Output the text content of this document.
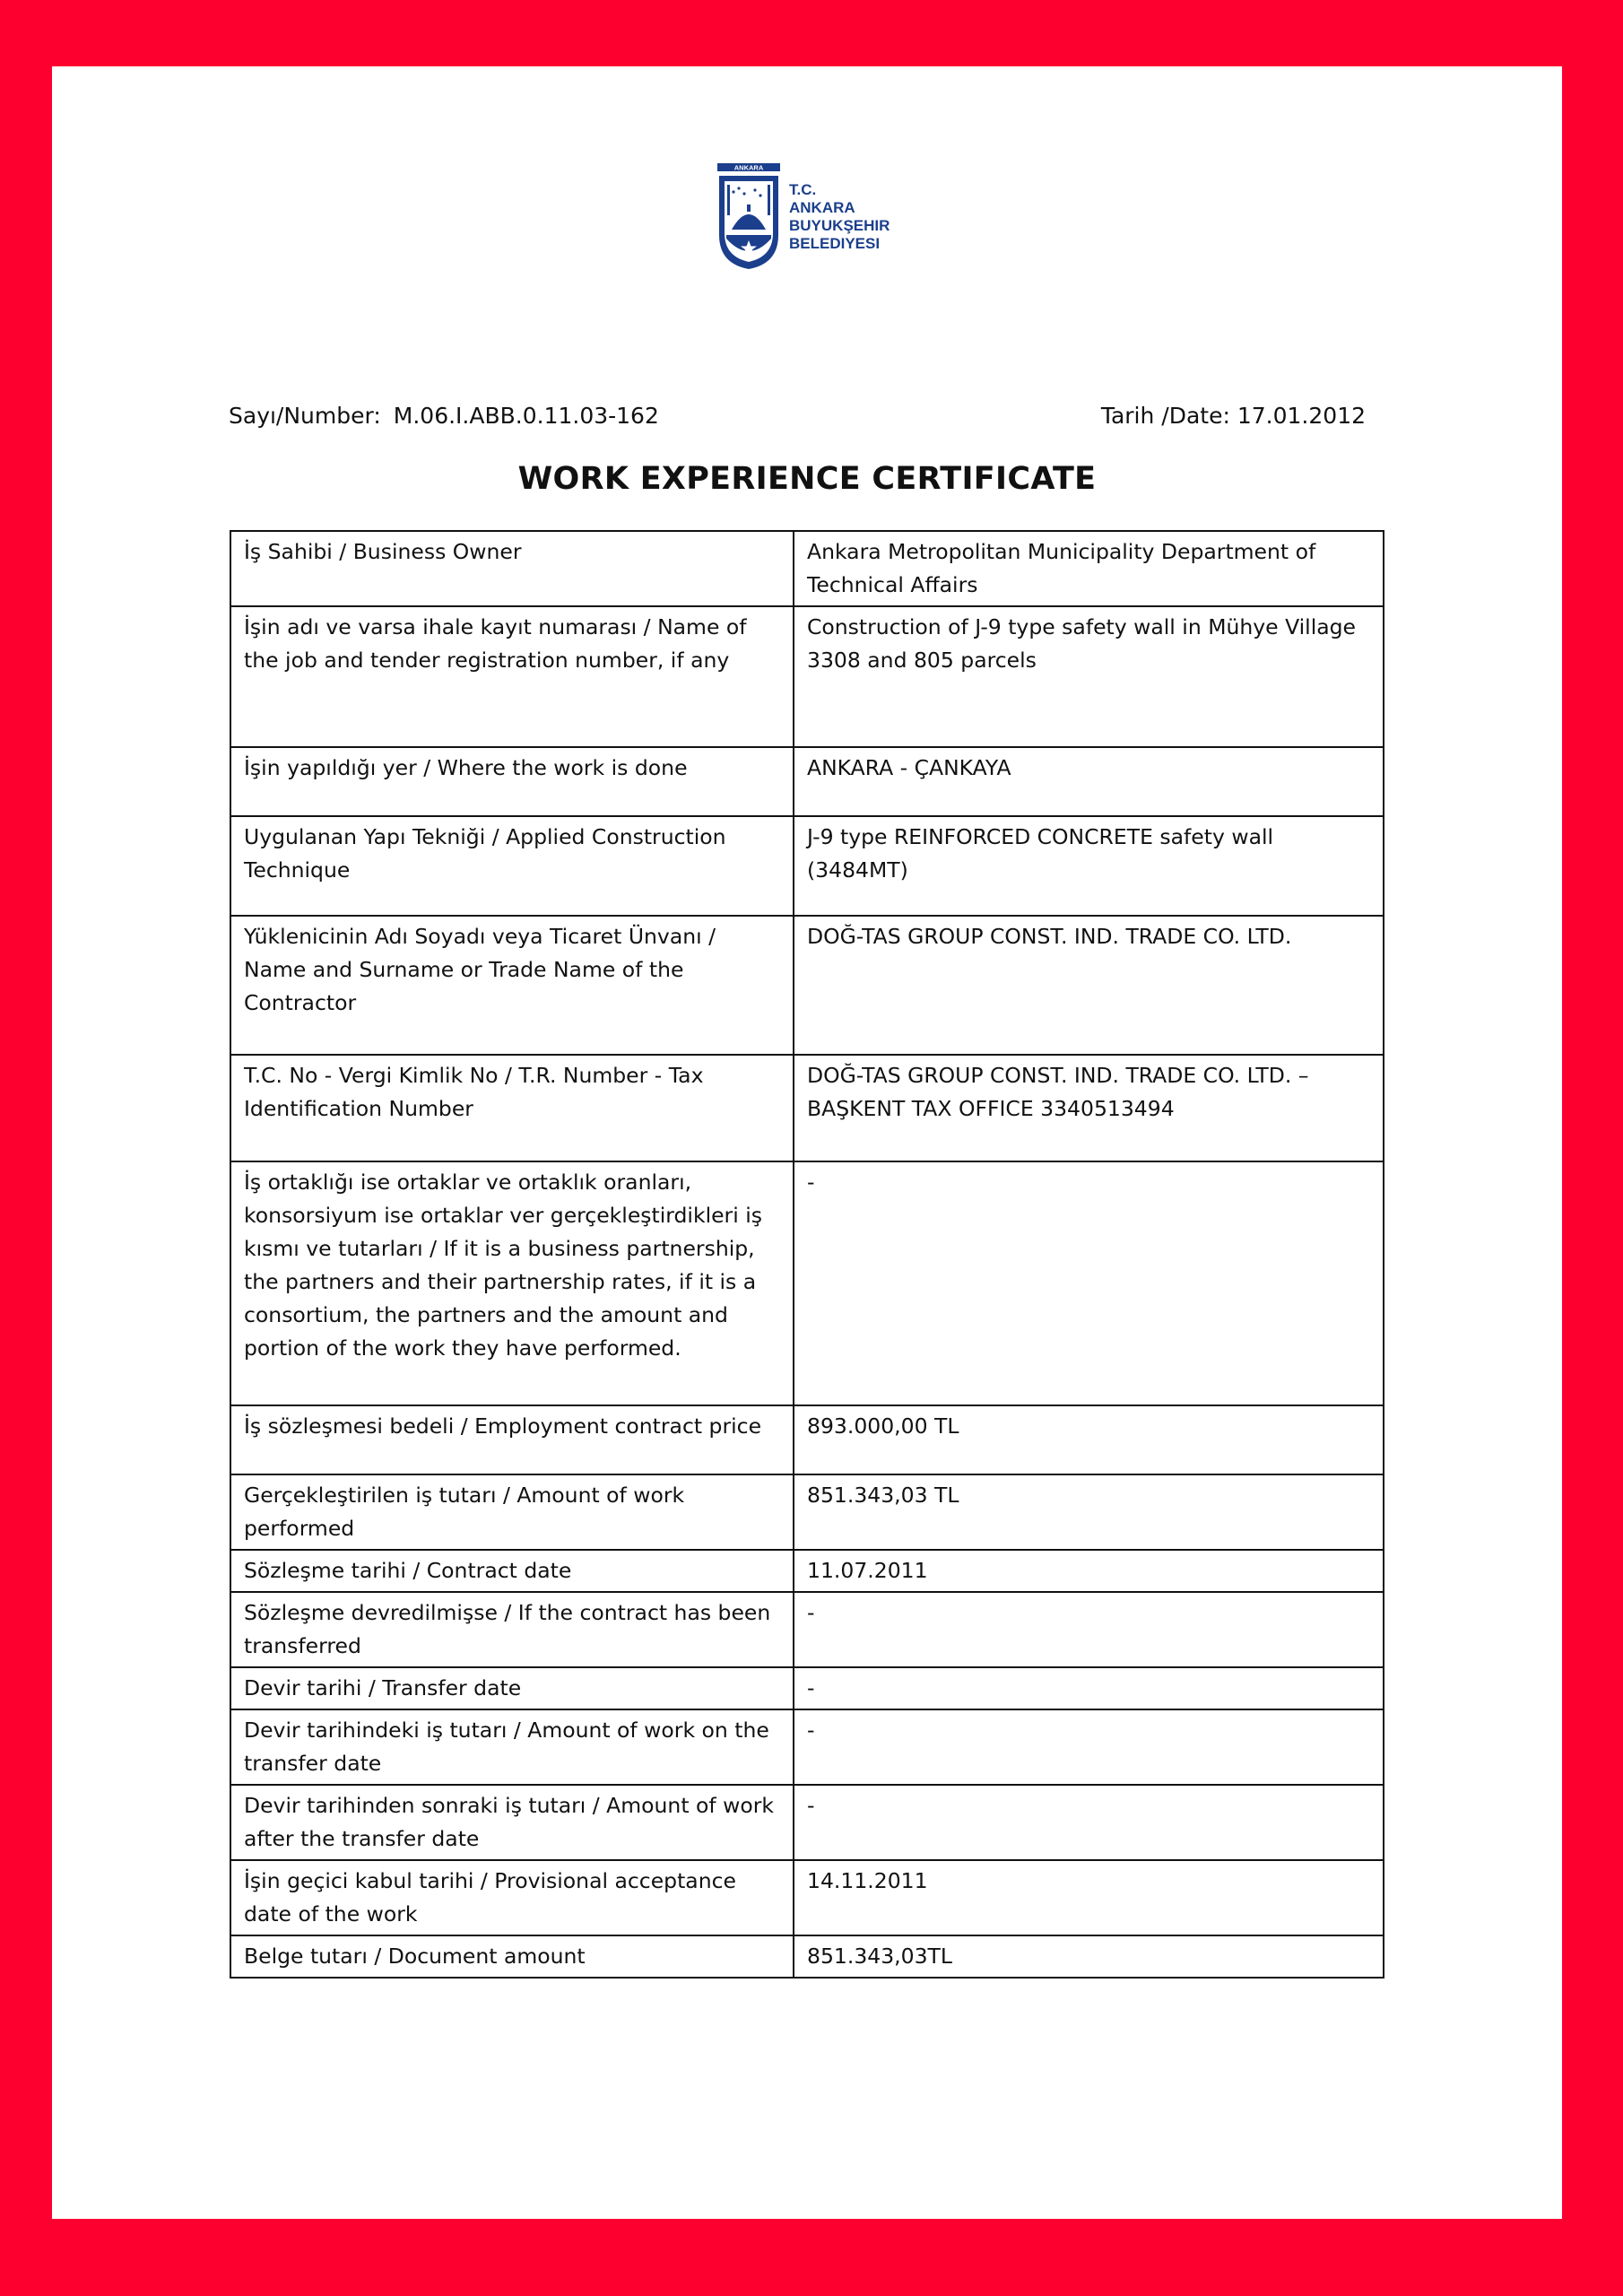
ANKARA
T.C.
ANKARA
BUYUKŞEHIR
BELEDIYESI
Sayı/Number: M.06.I.ABB.0.11.03-162	Tarih /Date: 17.01.2012
WORK EXPERIENCE CERTIFICATE
İş Sahibi / Business Owner	Ankara Metropolitan Municipality Department of Technical Affairs
İşin adı ve varsa ihale kayıt numarası / Name of the job and tender registration number, if any	Construction of J-9 type safety wall in Mühye Village 3308 and 805 parcels
İşin yapıldığı yer / Where the work is done	ANKARA - ÇANKAYA
Uygulanan Yapı Tekniği / Applied Construction Technique	J-9 type REINFORCED CONCRETE safety wall (3484MT)
Yüklenicinin Adı Soyadı veya Ticaret Ünvanı / Name and Surname or Trade Name of the Contractor	DOĞ-TAS GROUP CONST. IND. TRADE CO. LTD.
T.C. No - Vergi Kimlik No / T.R. Number - Tax Identification Number	DOĞ-TAS GROUP CONST. IND. TRADE CO. LTD. – BAŞKENT TAX OFFICE 3340513494
İş ortaklığı ise ortaklar ve ortaklık oranları, konsorsiyum ise ortaklar ver gerçekleştirdikleri iş kısmı ve tutarları / If it is a business partnership, the partners and their partnership rates, if it is a consortium, the partners and the amount and portion of the work they have performed.	-
İş sözleşmesi bedeli / Employment contract price	893.000,00 TL
Gerçekleştirilen iş tutarı / Amount of work performed	851.343,03 TL
Sözleşme tarihi / Contract date	11.07.2011
Sözleşme devredilmişse / If the contract has been transferred	-
Devir tarihi / Transfer date	-
Devir tarihindeki iş tutarı / Amount of work on the transfer date	-
Devir tarihinden sonraki iş tutarı / Amount of work after the transfer date	-
İşin geçici kabul tarihi / Provisional acceptance date of the work	14.11.2011
Belge tutarı / Document amount	851.343,03TL
